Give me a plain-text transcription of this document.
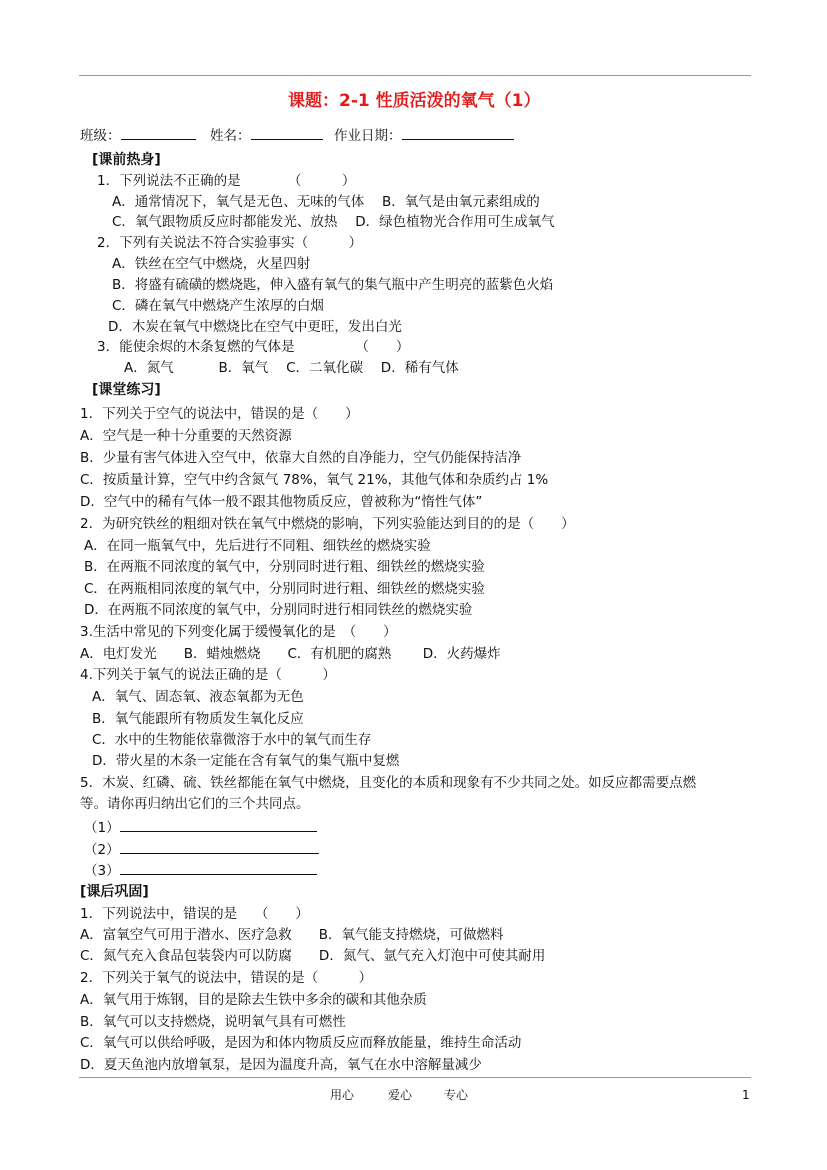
课题：2-1 性质活泼的氧气（1）
班级：	姓名：	作业日期：
[课前热身]
1．下列说法不正确的是　　　　（　　　）
A．通常情况下，氧气是无色、无味的气体　 B．氧气是由氧元素组成的
C．氧气跟物质反应时都能发光、放热　 D．绿色植物光合作用可生成氧气
2．下列有关说法不符合实验事实（　　　）
A．铁丝在空气中燃烧，火星四射
B．将盛有硫磺的燃烧匙，伸入盛有氧气的集气瓶中产生明亮的蓝紫色火焰
C．磷在氧气中燃烧产生浓厚的白烟
D．木炭在氧气中燃烧比在空气中更旺，发出白光
3．能使余烬的木条复燃的气体是　　　　　（　　）
A．氮气　　　 B．氧气　 C．二氧化碳　 D．稀有气体
[课堂练习]
1．下列关于空气的说法中，错误的是（　　）
A．空气是一种十分重要的天然资源
B．少量有害气体进入空气中，依靠大自然的自净能力，空气仍能保持洁净
C．按质量计算，空气中约含氮气 78%，氧气 21%，其他气体和杂质约占 1%
D．空气中的稀有气体一般不跟其他物质反应，曾被称为“惰性气体”
2．为研究铁丝的粗细对铁在氧气中燃烧的影响，下列实验能达到目的的是（　　）
A．在同一瓶氧气中，先后进行不同粗、细铁丝的燃烧实验
B．在两瓶不同浓度的氧气中，分别同时进行粗、细铁丝的燃烧实验
C．在两瓶相同浓度的氧气中，分别同时进行粗、细铁丝的燃烧实验
D．在两瓶不同浓度的氧气中，分别同时进行相同铁丝的燃烧实验
3.生活中常见的下列变化属于缓慢氧化的是　（　　）
A．电灯发光　　B．蜡烛燃烧　　C．有机肥的腐熟　　 D．火药爆炸
4.下列关于氧气的说法正确的是（　　　）
A．氧气、固态氧、液态氧都为无色
B．氧气能跟所有物质发生氧化反应
C．水中的生物能依靠微溶于水中的氧气而生存
D．带火星的木条一定能在含有氧气的集气瓶中复燃
5．木炭、红磷、硫、铁丝都能在氧气中燃烧，且变化的本质和现象有不少共同之处。如反应都需要点燃
等。请你再归纳出它们的三个共同点。
（1）
（2）
（3）
[课后巩固]
1．下列说法中，错误的是　 （　　）
A．富氧空气可用于潜水、医疗急救　　B．氧气能支持燃烧，可做燃料
C．氮气充入食品包装袋内可以防腐　　D．氮气、氩气充入灯泡中可使其耐用
2．下列关于氧气的说法中，错误的是（　　　）
A．氧气用于炼钢，目的是除去生铁中多余的碳和其他杂质
B．氧气可以支持燃烧，说明氧气具有可燃性
C．氧气可以供给呼吸，是因为和体内物质反应而释放能量，维持生命活动
D．夏天鱼池内放增氧泵，是因为温度升高，氧气在水中溶解量减少
用心	爱心	专心	1
